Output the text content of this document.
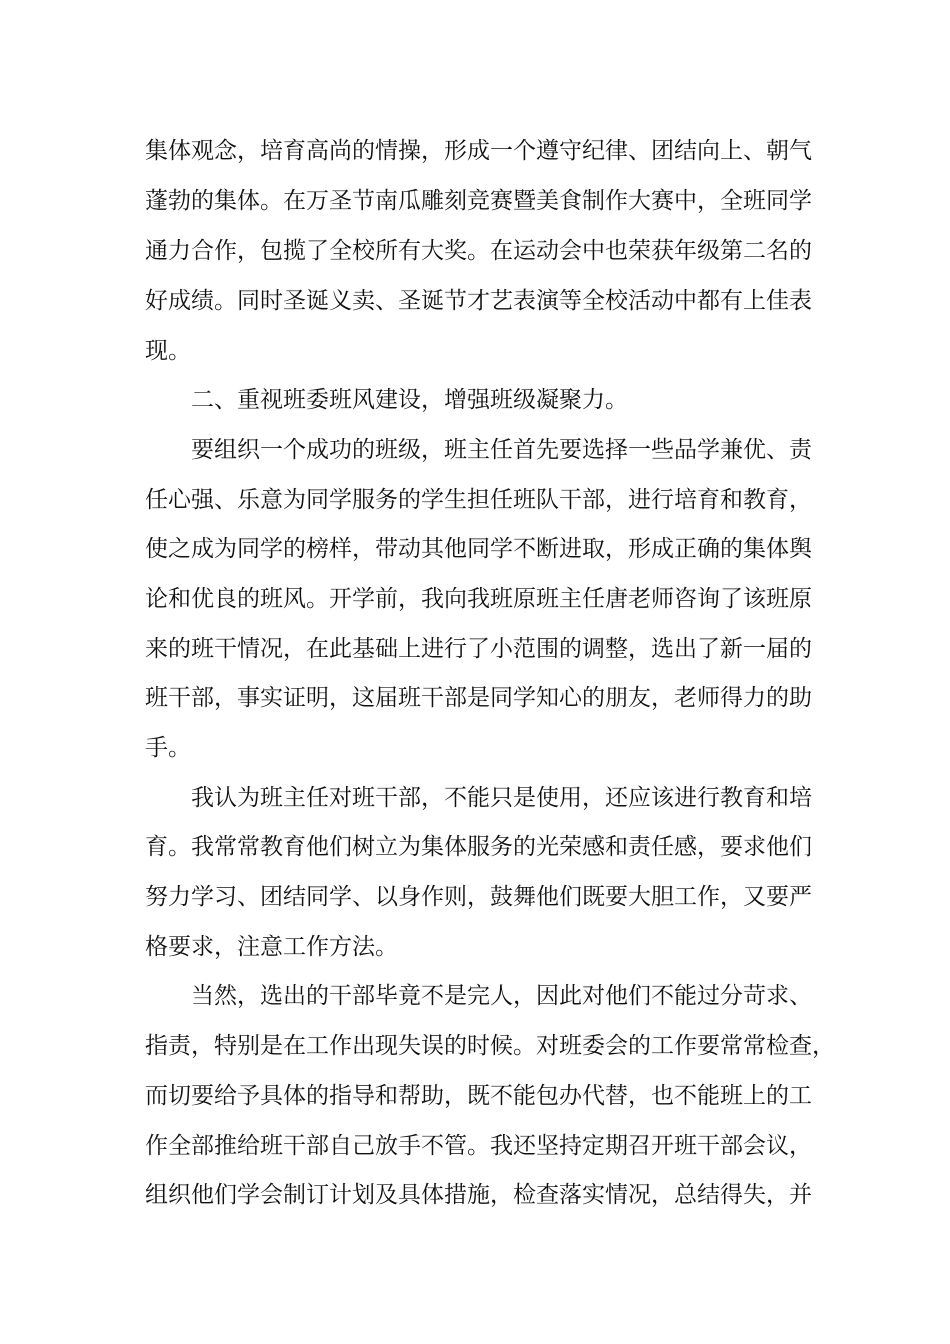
集体观念，培育高尚的情操，形成一个遵守纪律、团结向上、朝气
蓬勃的集体。在万圣节南瓜雕刻竞赛暨美食制作大赛中，全班同学
通力合作，包揽了全校所有大奖。在运动会中也荣获年级第二名的
好成绩。同时圣诞义卖、圣诞节才艺表演等全校活动中都有上佳表
现。
二、重视班委班风建设，增强班级凝聚力。
要组织一个成功的班级，班主任首先要选择一些品学兼优、责
任心强、乐意为同学服务的学生担任班队干部，进行培育和教育，
使之成为同学的榜样，带动其他同学不断进取，形成正确的集体舆
论和优良的班风。开学前，我向我班原班主任唐老师咨询了该班原
来的班干情况，在此基础上进行了小范围的调整，选出了新一届的
班干部，事实证明，这届班干部是同学知心的朋友，老师得力的助
手。
我认为班主任对班干部，不能只是使用，还应该进行教育和培
育。我常常教育他们树立为集体服务的光荣感和责任感，要求他们
努力学习、团结同学、以身作则，鼓舞他们既要大胆工作，又要严
格要求，注意工作方法。
当然，选出的干部毕竟不是完人，因此对他们不能过分苛求、
指责，特别是在工作出现失误的时候。对班委会的工作要常常检查，
而切要给予具体的指导和帮助，既不能包办代替，也不能班上的工
作全部推给班干部自己放手不管。我还坚持定期召开班干部会议，
组织他们学会制订计划及具体措施，检查落实情况，总结得失，并
